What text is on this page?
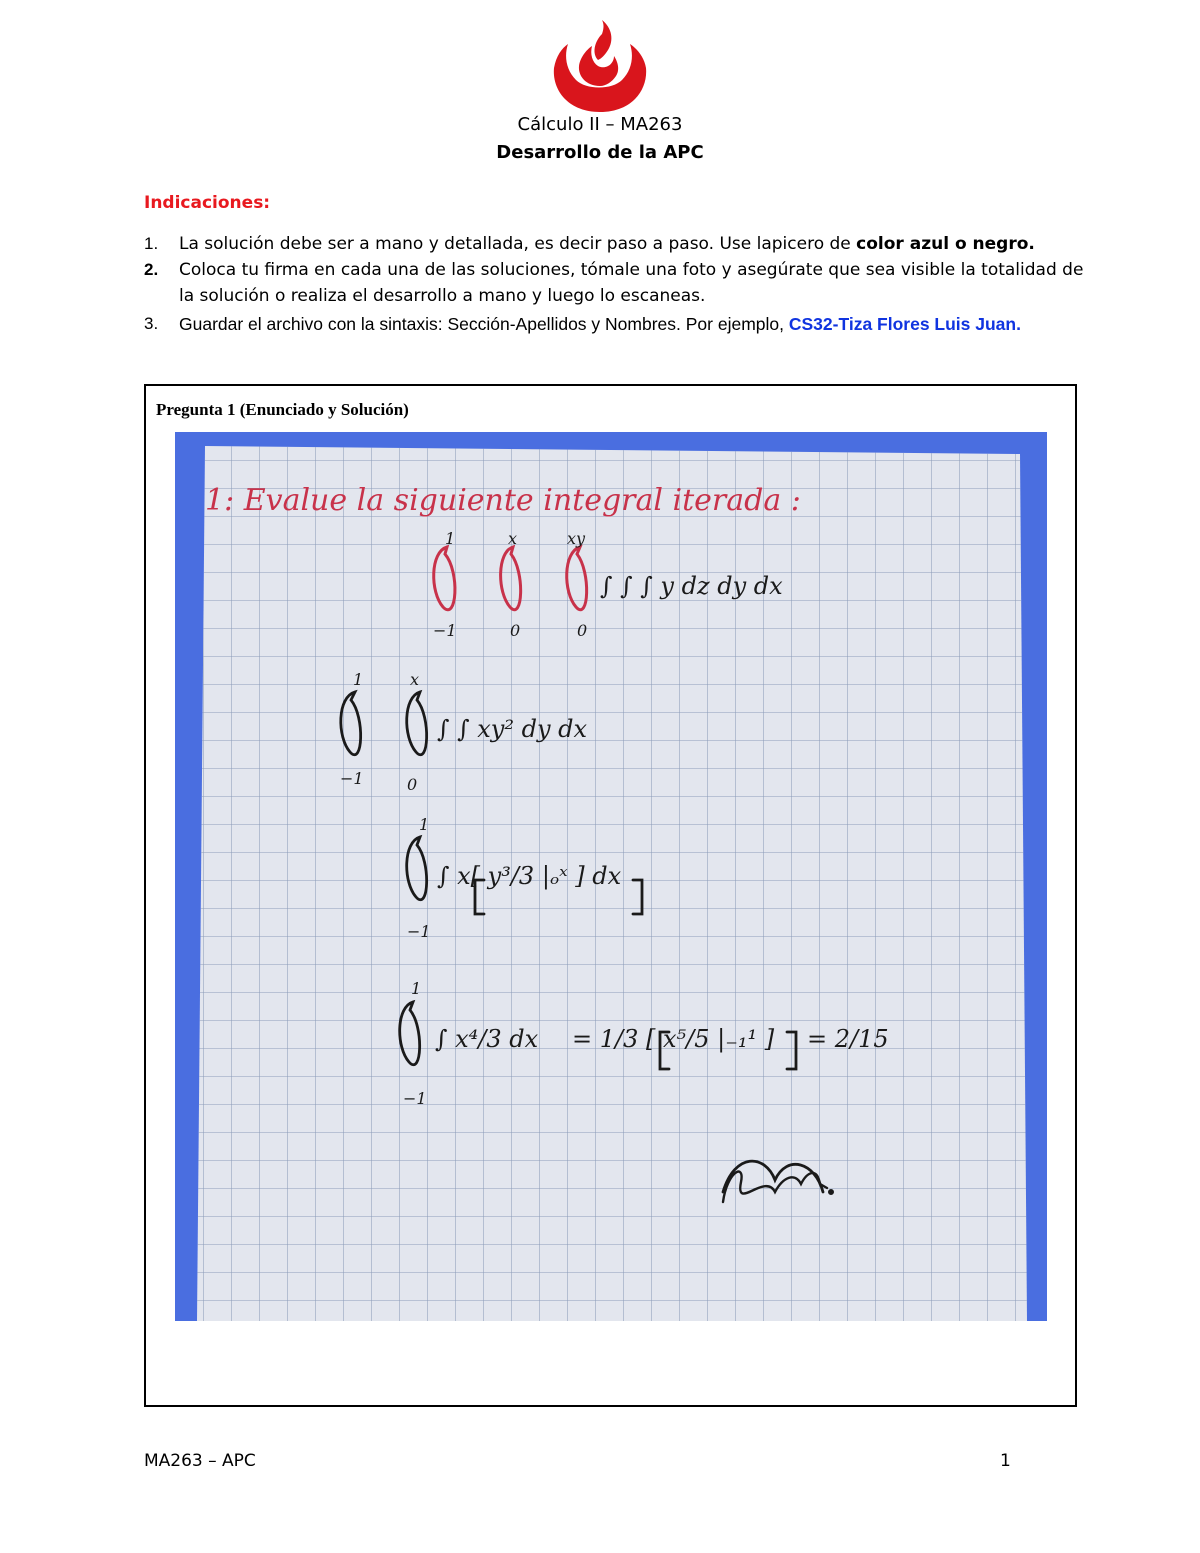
Cálculo II – MA263
Desarrollo de la APC
Indicaciones:
1.	La solución debe ser a mano y detallada, es decir paso a paso. Use lapicero de color azul o negro.
2.	Coloca tu firma en cada una de las soluciones, tómale una foto y asegúrate que sea visible la totalidad de la solución o realiza el desarrollo a mano y luego lo escaneas.
3.	Guardar el archivo con la sintaxis: Sección-Apellidos y Nombres. Por ejemplo, CS32-Tiza Flores Luis Juan.
Pregunta 1 (Enunciado y Solución)
1: Evalue la siguiente integral iterada :
∫ ∫ ∫ y dz dy dx
1
−1
x
0
xy
0
∫ ∫ xy² dy dx
1
−1
x
0
∫ x[ y³/3 |ₒˣ ] dx
1
−1
∫ x⁴/3 dx = 1/3 [ x⁵/5 |₋₁¹ ] = 2/15
1
−1
MA263 – APC	1
